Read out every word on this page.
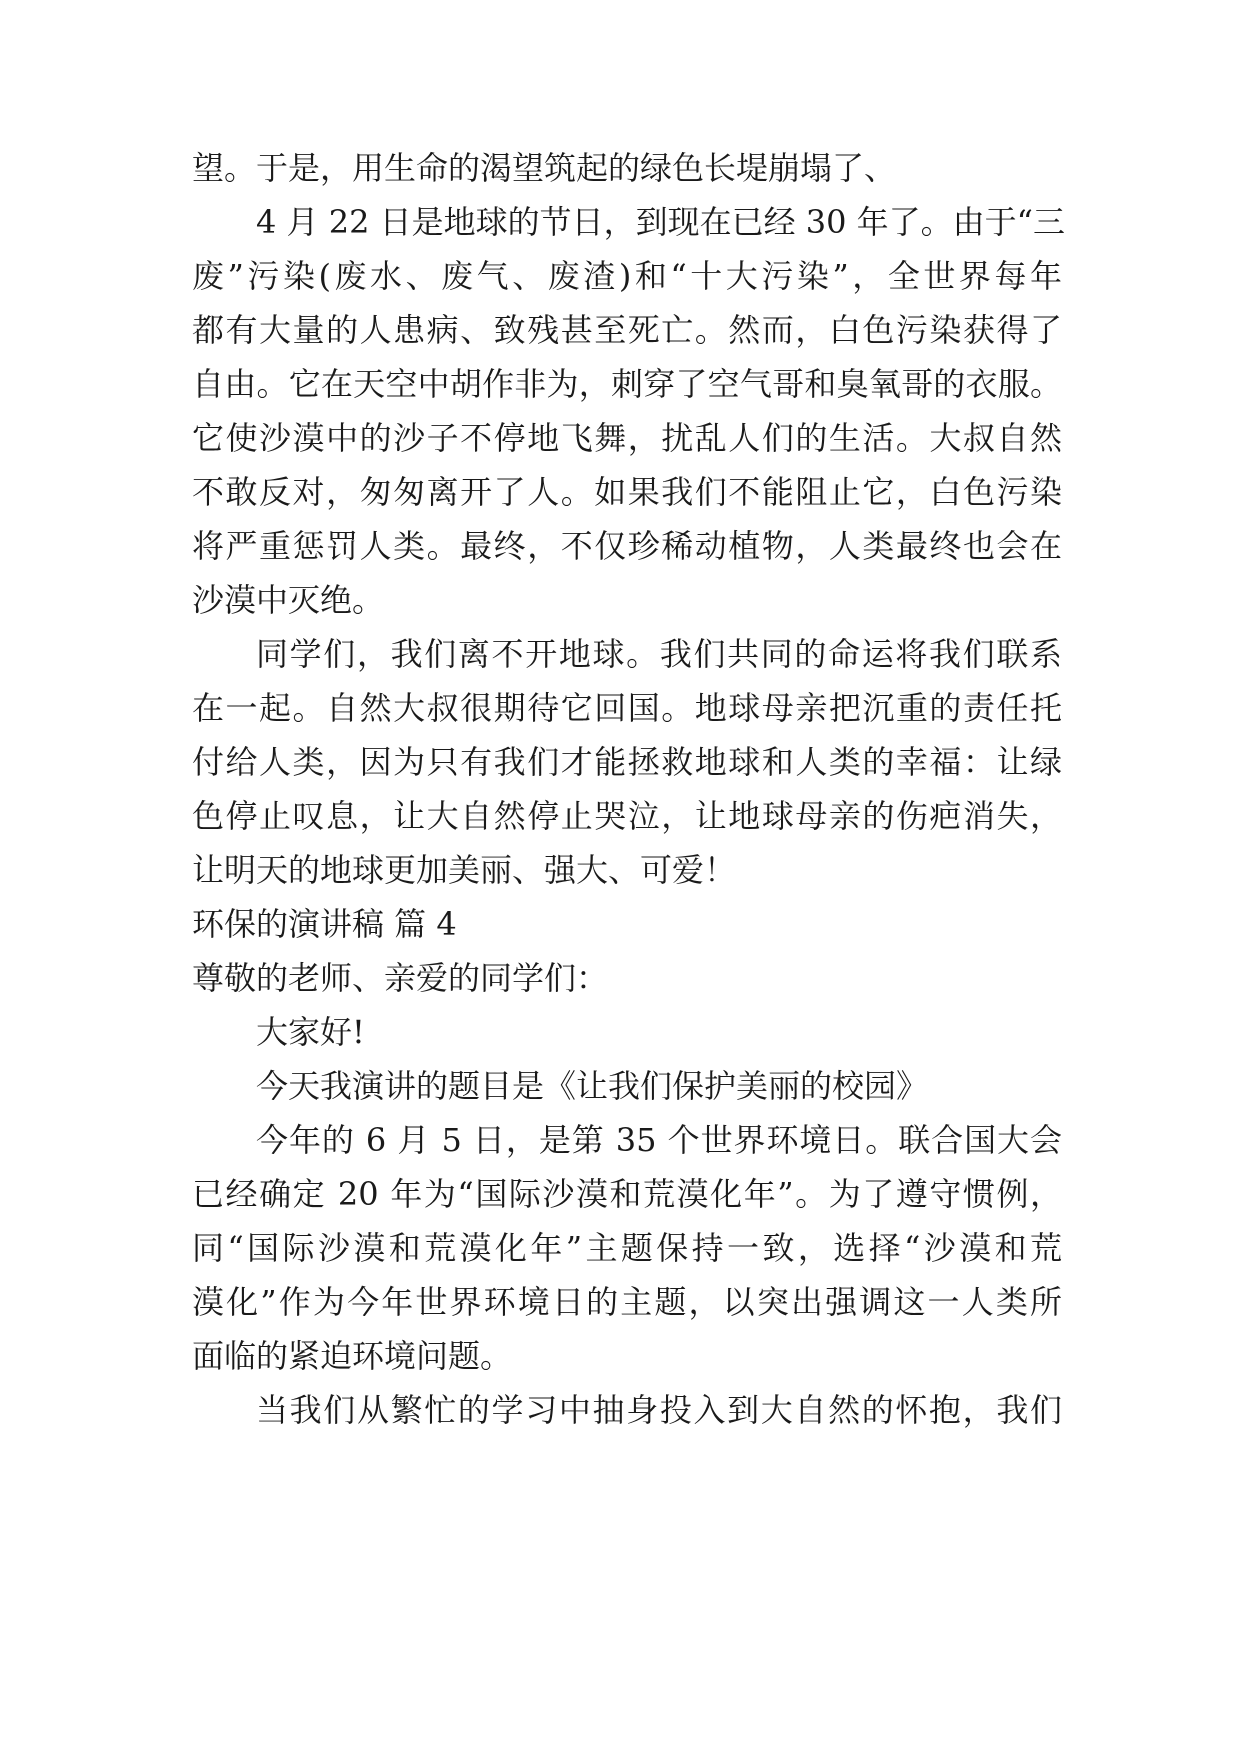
望。于是，用生命的渴望筑起的绿色长堤崩塌了、
4 月 22 日是地球的节日，到现在已经 30 年了。由于“三
废”污染(废水、废气、废渣)和“十大污染”，全世界每年
都有大量的人患病、致残甚至死亡。然而，白色污染获得了
自由。它在天空中胡作非为，刺穿了空气哥和臭氧哥的衣服。
它使沙漠中的沙子不停地飞舞，扰乱人们的生活。大叔自然
不敢反对，匆匆离开了人。如果我们不能阻止它，白色污染
将严重惩罚人类。最终，不仅珍稀动植物，人类最终也会在
沙漠中灭绝。
同学们，我们离不开地球。我们共同的命运将我们联系
在一起。自然大叔很期待它回国。地球母亲把沉重的责任托
付给人类，因为只有我们才能拯救地球和人类的幸福：让绿
色停止叹息，让大自然停止哭泣，让地球母亲的伤疤消失，
让明天的地球更加美丽、强大、可爱！
环保的演讲稿 篇 4
尊敬的老师、亲爱的同学们：
大家好!
今天我演讲的题目是《让我们保护美丽的校园》
今年的 6 月 5 日，是第 35 个世界环境日。联合国大会
已经确定 20 年为“国际沙漠和荒漠化年”。为了遵守惯例，
同“国际沙漠和荒漠化年”主题保持一致，选择“沙漠和荒
漠化”作为今年世界环境日的主题，以突出强调这一人类所
面临的紧迫环境问题。
当我们从繁忙的学习中抽身投入到大自然的怀抱，我们
